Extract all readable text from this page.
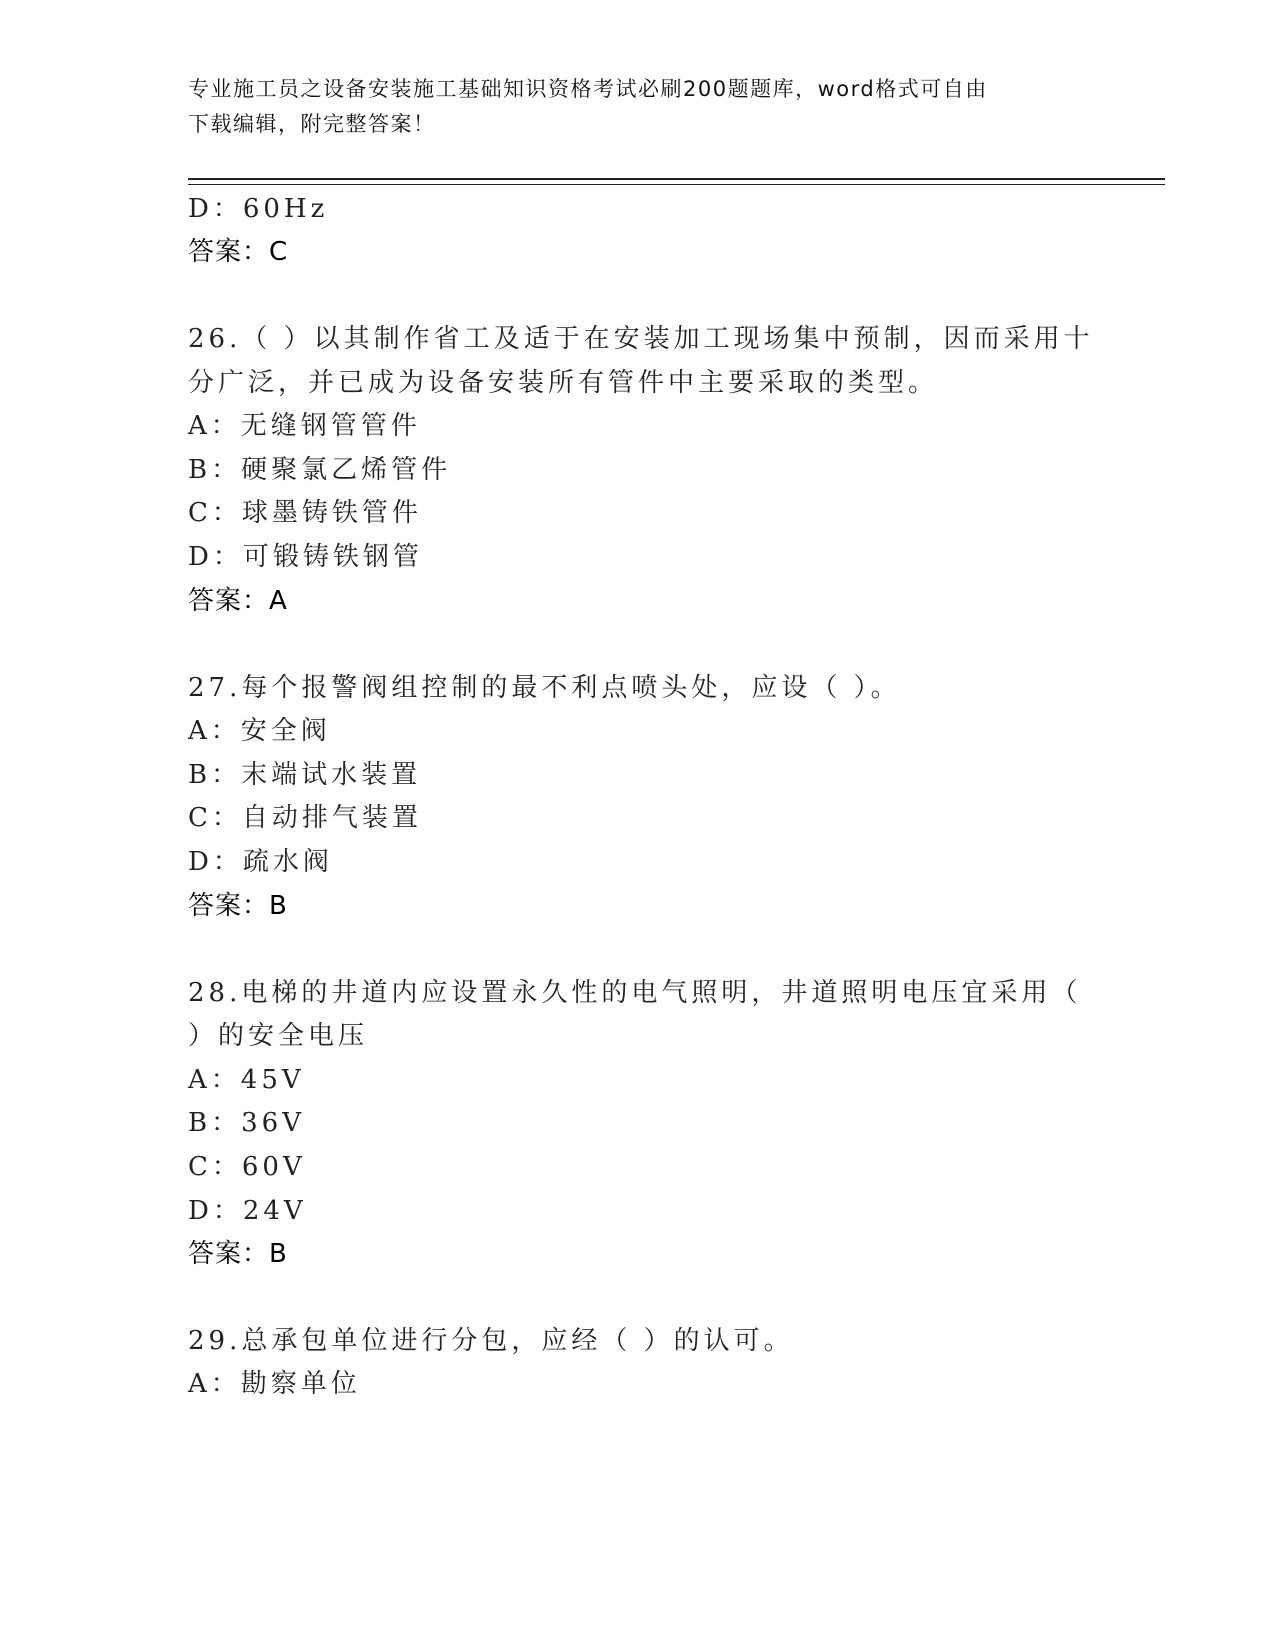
专业施工员之设备安装施工基础知识资格考试必刷200题题库，word格式可自由
下载编辑，附完整答案！
D：60Hz
答案：C
26.（ ）以其制作省工及适于在安装加工现场集中预制，因而采用十
分广泛，并已成为设备安装所有管件中主要采取的类型。
A：无缝钢管管件
B：硬聚氯乙烯管件
C：球墨铸铁管件
D：可锻铸铁钢管
答案：A
27.每个报警阀组控制的最不利点喷头处，应设（ ）。
A：安全阀
B：末端试水装置
C：自动排气装置
D：疏水阀
答案：B
28.电梯的井道内应设置永久性的电气照明，井道照明电压宜采用（
）的安全电压
A：45V
B：36V
C：60V
D：24V
答案：B
29.总承包单位进行分包，应经（ ）的认可。
A：勘察单位
